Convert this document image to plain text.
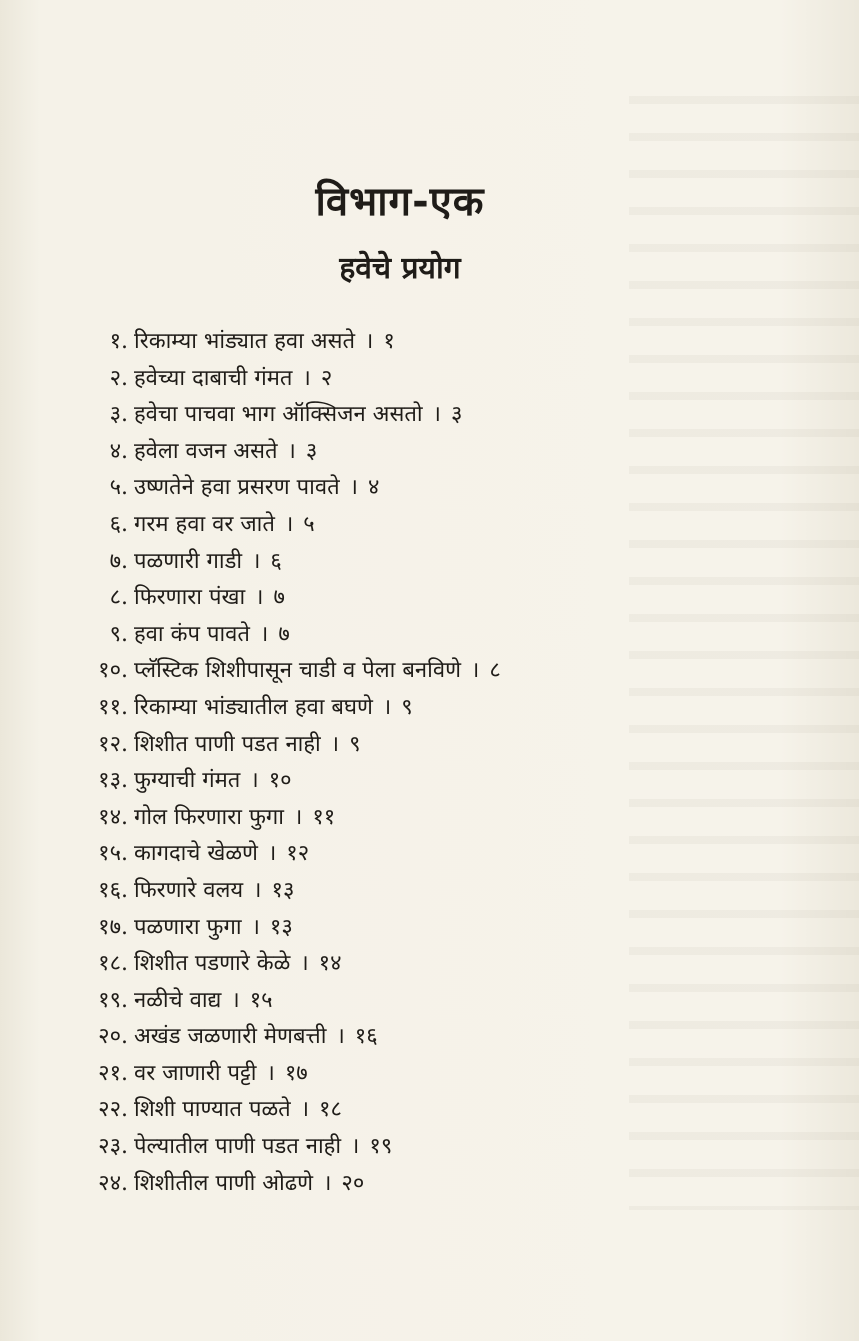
विभाग-एक
हवेचे प्रयोग
१. रिकाम्या भांड्यात हवा असते । १
२. हवेच्या दाबाची गंमत । २
३. हवेचा पाचवा भाग ऑक्सिजन असतो । ३
४. हवेला वजन असते । ३
५. उष्णतेने हवा प्रसरण पावते । ४
६. गरम हवा वर जाते । ५
७. पळणारी गाडी । ६
८. फिरणारा पंखा । ७
९. हवा कंप पावते । ७
१०. प्लॅस्टिक शिशीपासून चाडी व पेला बनविणे । ८
११. रिकाम्या भांड्यातील हवा बघणे । ९
१२. शिशीत पाणी पडत नाही । ९
१३. फुग्याची गंमत । १०
१४. गोल फिरणारा फुगा । ११
१५. कागदाचे खेळणे । १२
१६. फिरणारे वलय । १३
१७. पळणारा फुगा । १३
१८. शिशीत पडणारे केळे । १४
१९. नळीचे वाद्य । १५
२०. अखंड जळणारी मेणबत्ती । १६
२१. वर जाणारी पट्टी । १७
२२. शिशी पाण्यात पळते । १८
२३. पेल्यातील पाणी पडत नाही । १९
२४. शिशीतील पाणी ओढणे । २०
